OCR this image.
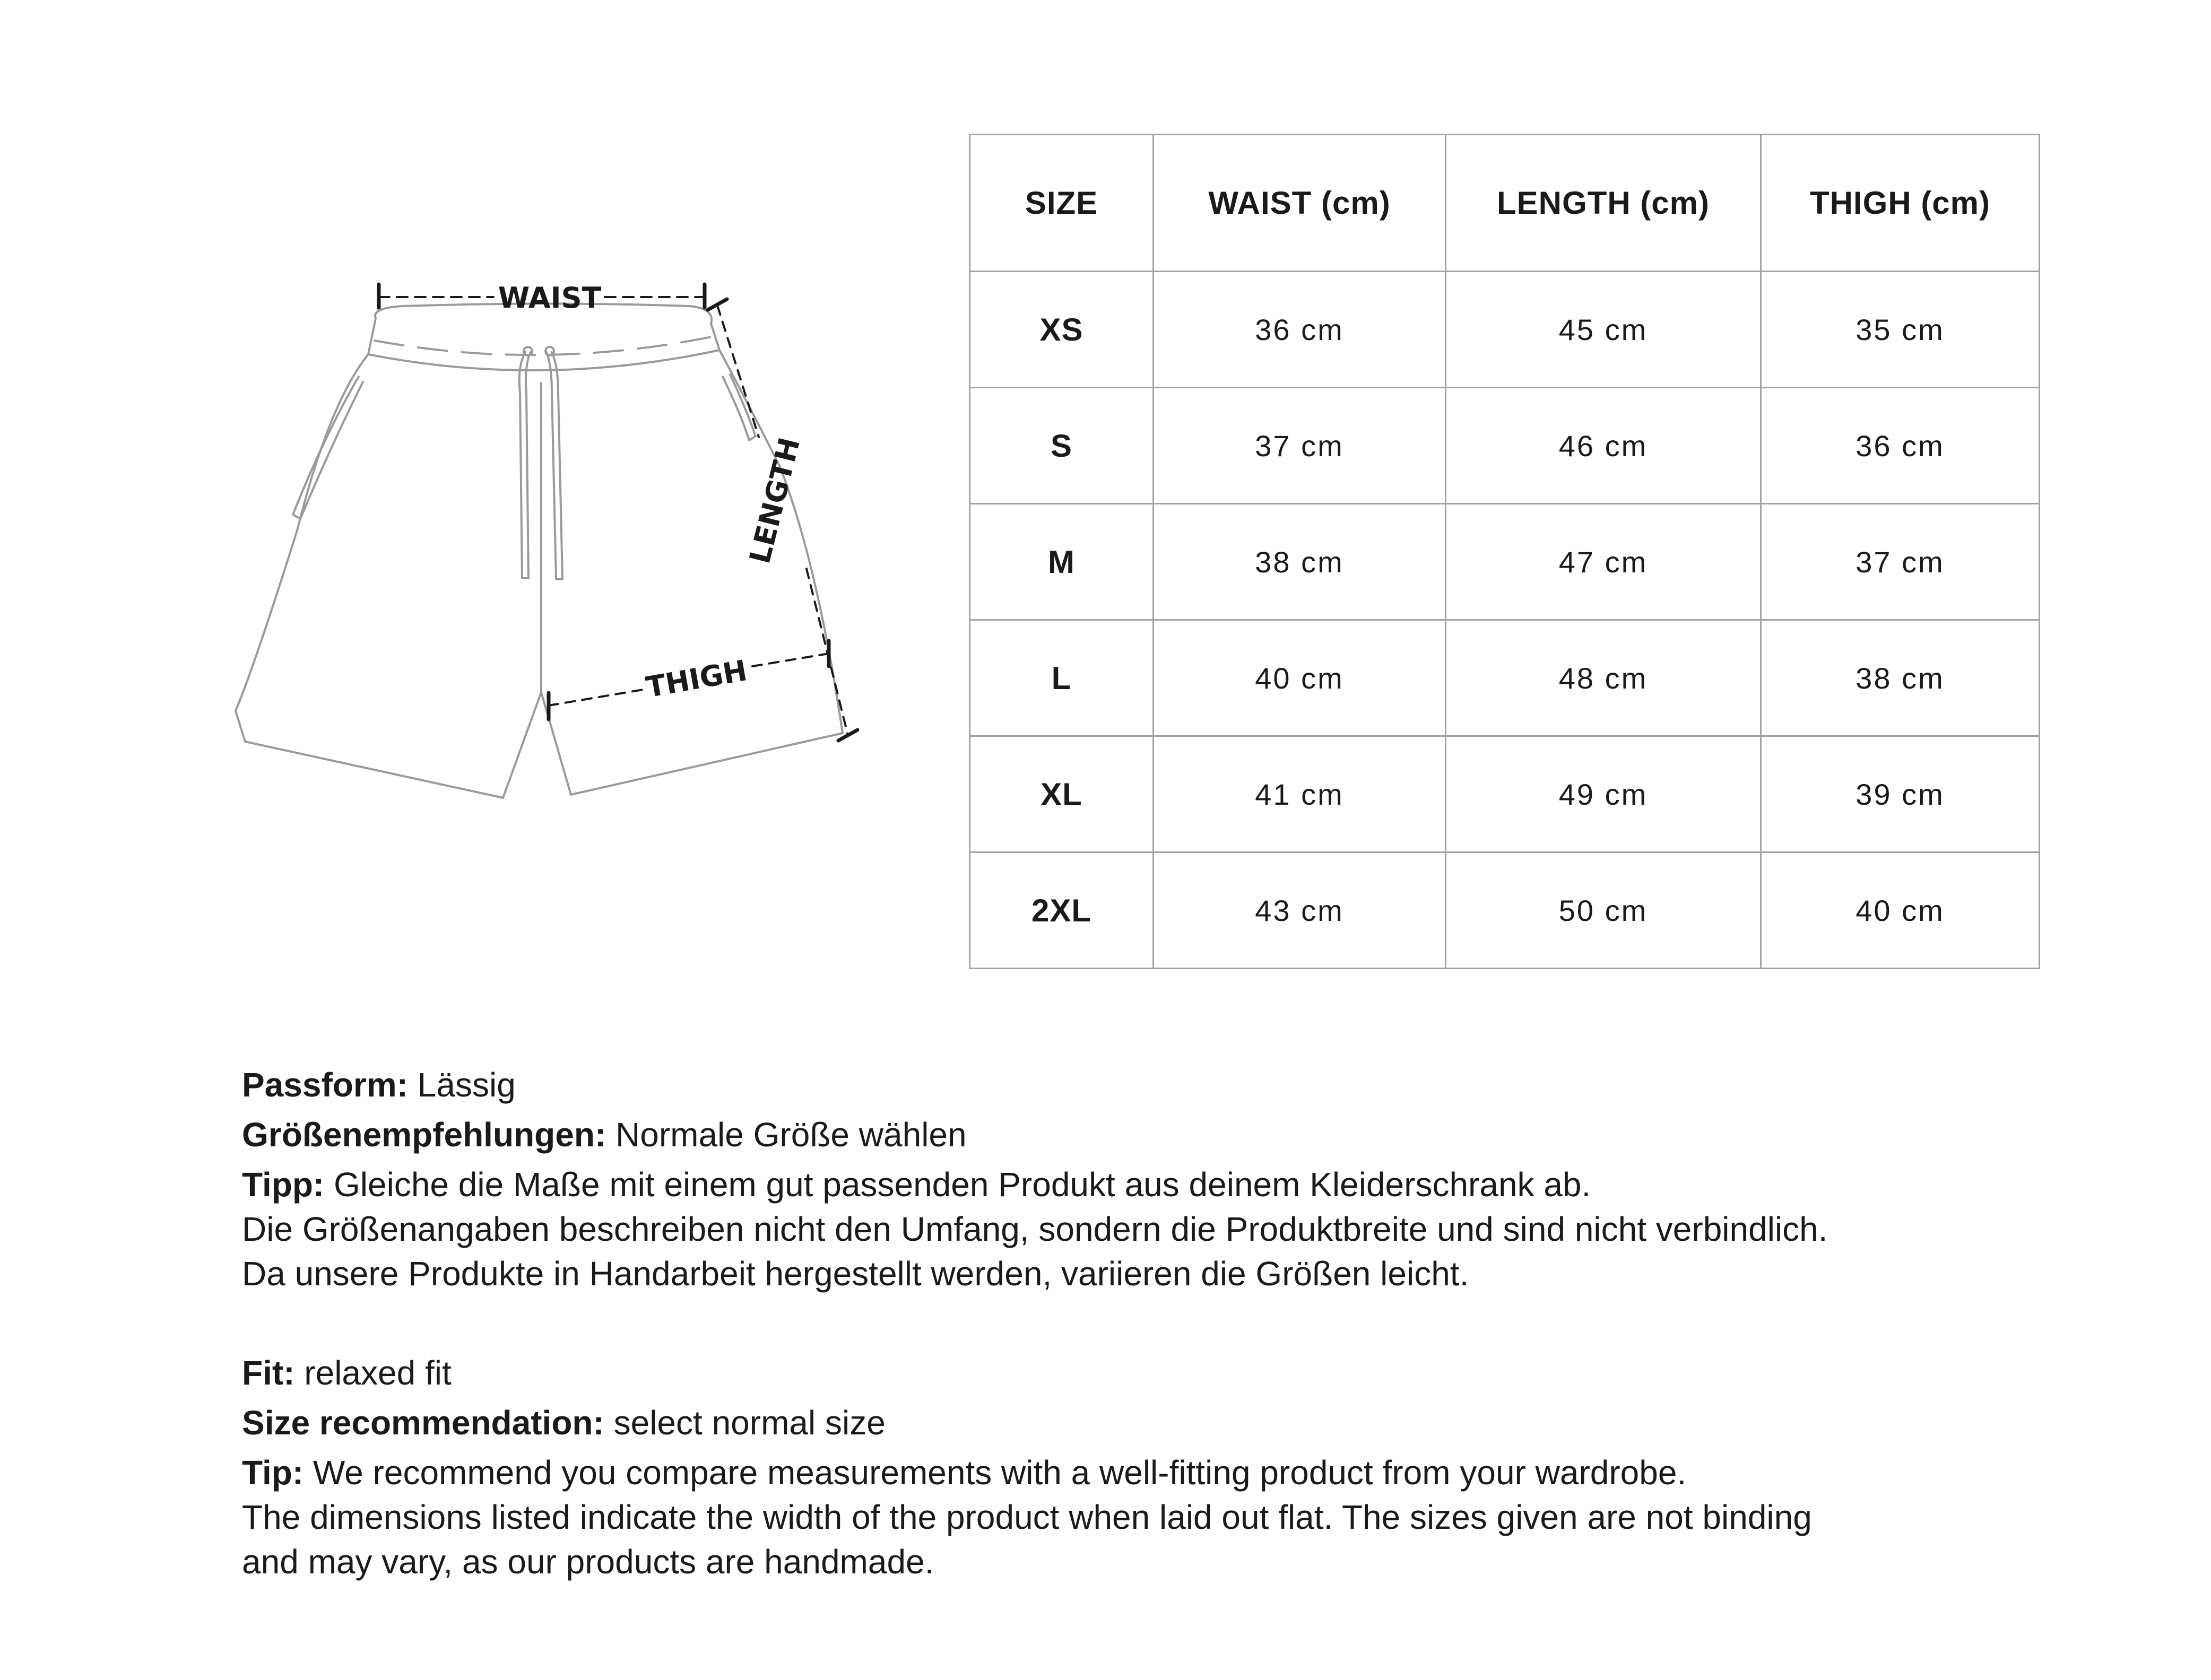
WAIST
LENGTH
THIGH
SIZE	WAIST (cm)	LENGTH (cm)	THIGH (cm)
XS	36 cm	45 cm	35 cm
S	37 cm	46 cm	36 cm
M	38 cm	47 cm	37 cm
L	40 cm	48 cm	38 cm
XL	41 cm	49 cm	39 cm
2XL	43 cm	50 cm	40 cm

Passform: Lässig

Größenempfehlungen: Normale Größe wählen

Tipp: Gleiche die Maße mit einem gut passenden Produkt aus deinem Kleiderschrank ab.

Die Größenangaben beschreiben nicht den Umfang, sondern die Produktbreite und sind nicht verbindlich.

Da unsere Produkte in Handarbeit hergestellt werden, variieren die Größen leicht.

Fit: relaxed fit

Size recommendation: select normal size

Tip: We recommend you compare measurements with a well-fitting product from your wardrobe.

The dimensions listed indicate the width of the product when laid out flat. The sizes given are not binding

and may vary, as our products are handmade.
